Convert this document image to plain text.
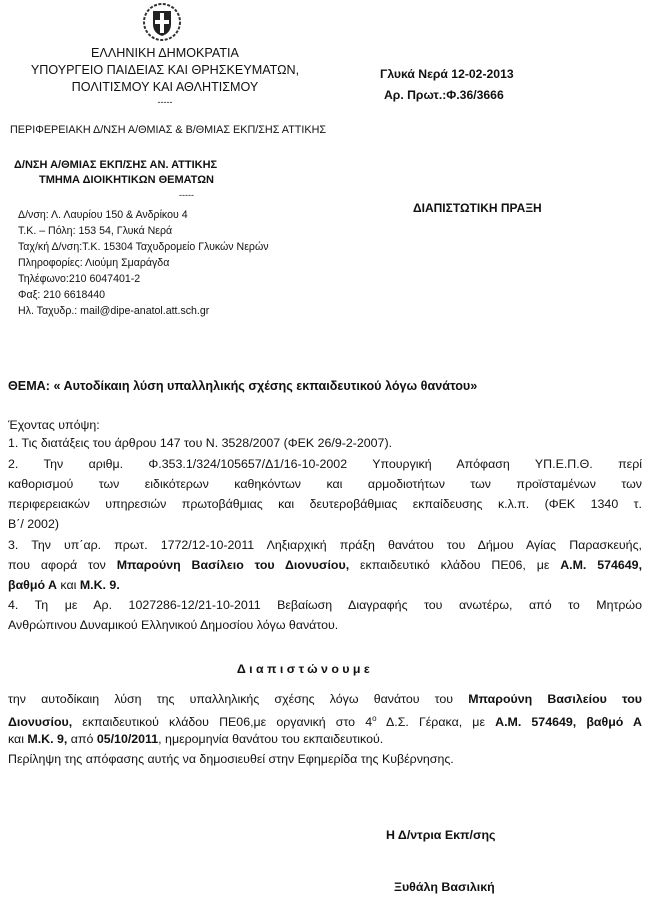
ΕΛΛΗΝΙΚΗ ΔΗΜΟΚΡΑΤΙΑ
ΥΠΟΥΡΓΕΙΟ ΠΑΙΔΕΙΑΣ ΚΑΙ ΘΡΗΣΚΕΥΜΑΤΩΝ,
ΠΟΛΙΤΙΣΜΟΥ ΚΑΙ ΑΘΛΗΤΙΣΜΟΥ
-----
ΠΕΡΙΦΕΡΕΙΑΚΗ Δ/ΝΣΗ Α/ΘΜΙΑΣ & Β/ΘΜΙΑΣ ΕΚΠ/ΣΗΣ ΑΤΤΙΚΗΣ
Δ/ΝΣΗ Α/ΘΜΙΑΣ ΕΚΠ/ΣΗΣ ΑΝ. ΑΤΤΙΚΗΣ
ΤΜΗΜΑ ΔΙΟΙΚΗΤΙΚΩΝ ΘΕΜΑΤΩΝ
-----
Δ/νση: Λ. Λαυρίου 150 & Ανδρίκου 4
Τ.Κ. – Πόλη: 153 54, Γλυκά Νερά
Ταχ/κή Δ/νση:Τ.Κ. 15304 Ταχυδρομείο Γλυκών Νερών
Πληροφορίες: Λιούμη Σμαράγδα
Τηλέφωνο:210 6047401-2
Φαξ: 210 6618440
Ηλ. Ταχυδρ.: mail@dipe-anatol.att.sch.gr
Γλυκά Νερά 12-02-2013
Αρ. Πρωτ.:Φ.36/3666
ΔΙΑΠΙΣΤΩΤΙΚΗ ΠΡΑΞΗ
ΘΕΜΑ: « Αυτοδίκαιη λύση υπαλληλικής σχέσης εκπαιδευτικού λόγω θανάτου»
Έχοντας υπόψη:
1. Τις διατάξεις του άρθρου 147 του Ν. 3528/2007 (ΦΕΚ 26/9-2-2007).
2. Την αριθμ. Φ.353.1/324/105657/Δ1/16-10-2002 Υπουργική Απόφαση ΥΠ.Ε.Π.Θ. περί
καθορισμού των ειδικότερων καθηκόντων και αρμοδιοτήτων των προϊσταμένων των
περιφερειακών υπηρεσιών πρωτοβάθμιας και δευτεροβάθμιας εκπαίδευσης κ.λ.π. (ΦΕΚ 1340 τ.
Β΄/ 2002)
3. Την υπ΄αρ. πρωτ. 1772/12-10-2011 Ληξιαρχική πράξη θανάτου του Δήμου Αγίας Παρασκευής,
που αφορά τον Μπαρούνη Βασίλειο του Διονυσίου, εκπαιδευτικό κλάδου ΠΕ06, με Α.Μ. 574649,
βαθμό Α και Μ.Κ. 9.
4. Τη με Αρ. 1027286-12/21-10-2011 Βεβαίωση Διαγραφής του ανωτέρω, από το Μητρώο
Ανθρώπινου Δυναμικού Ελληνικού Δημοσίου λόγω θανάτου.
Διαπιστώνουμε
την αυτοδίκαιη λύση της υπαλληλικής σχέσης λόγω θανάτου του Μπαρούνη Βασιλείου του
Διονυσίου, εκπαιδευτικού κλάδου ΠΕ06,με οργανική στο $4^o$ Δ.Σ. Γέρακα, με Α.Μ. 574649, βαθμό Α
και Μ.Κ. 9, από 05/10/2011, ημερομηνία θανάτου του εκπαιδευτικού.
Περίληψη της απόφασης αυτής να δημοσιευθεί στην Εφημερίδα της Κυβέρνησης.
Η Δ/ντρια Εκπ/σης
Ξυθάλη Βασιλική
